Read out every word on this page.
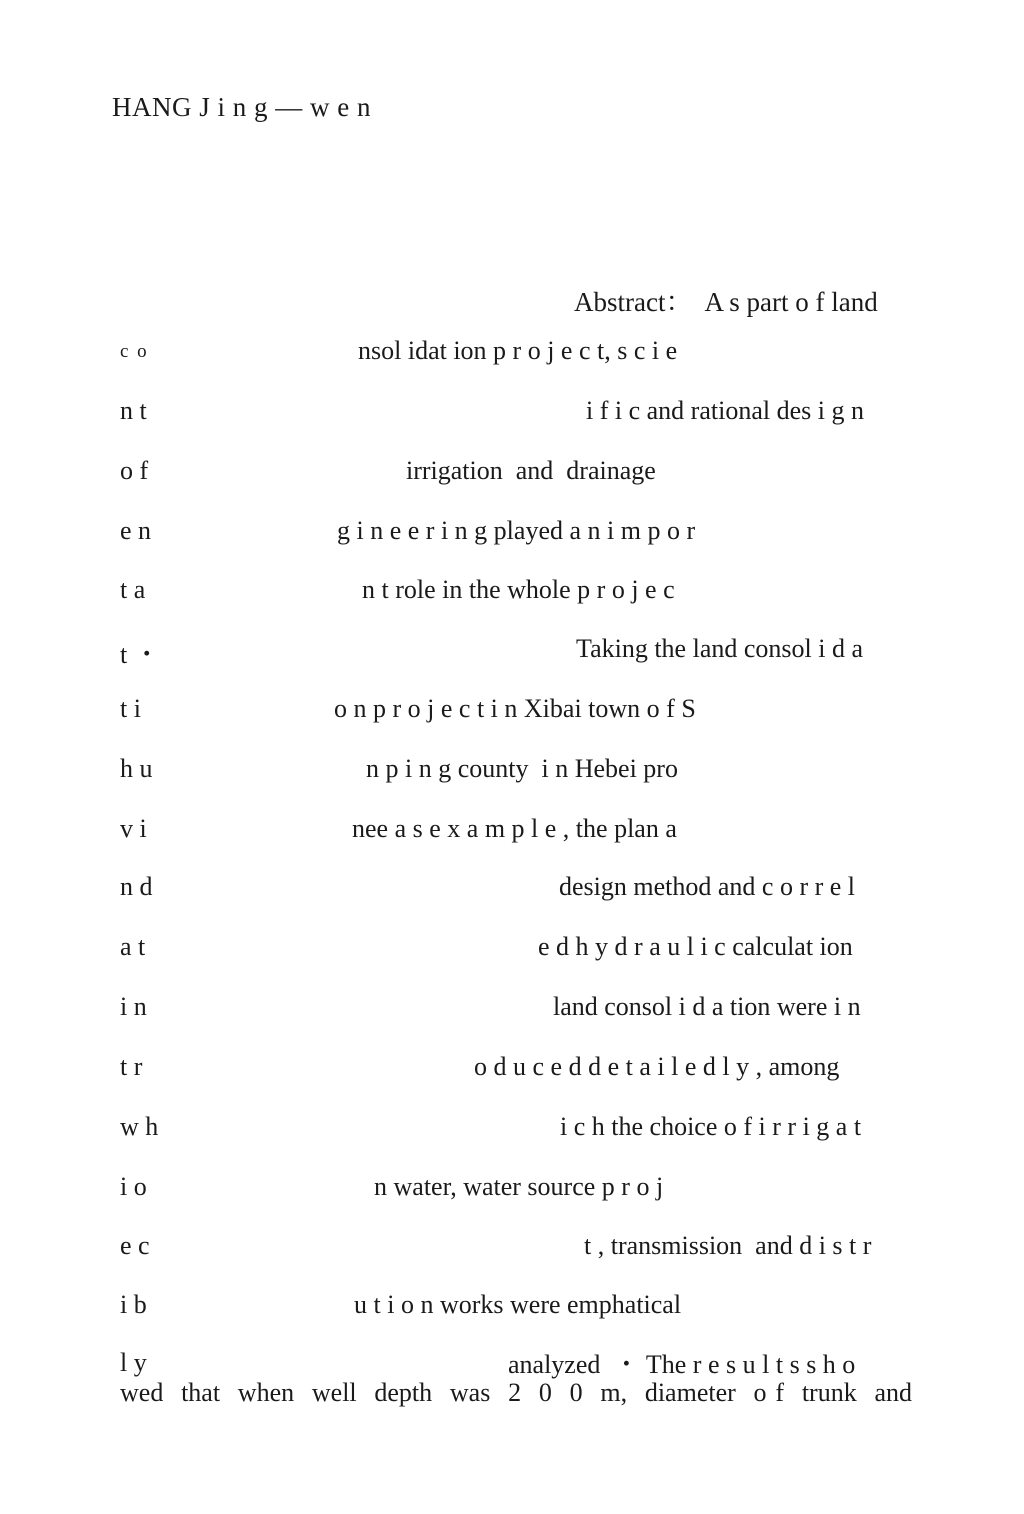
HANG J i n g — w e n
Abstract：  A s part o f land
c o	nsol idat ion p r o j e c t, s c i e
n t	i f i c and rational des i g n
o f	irrigation  and  drainage
e n	g i n e e r i n g played a n i m p o r
t a	n t role in the whole p r o j e c
t ・	Taking the land consol i d a
t i	o n p r o j e c t i n Xibai town o f S
h u	n p i n g county  i n Hebei pro
v i	nee a s e x a m p l e , the plan a
n d	design method and c o r r e l
a t	e d h y d r a u l i c calculat ion
i n	land consol i d a tion were i n
t r	o d u c e d d e t a i l e d l y , among
w h	i c h the choice o f i r r i g a t
i o	n water, water source p r o j
e c	t , transmission  and d i s t r
i b	u t i o n works were emphatical
l y	analyzed  ・ The r e s u l t s s h o
wed  that  when  well  depth  was  2  0  0  m,  diameter  o f  trunk  and
